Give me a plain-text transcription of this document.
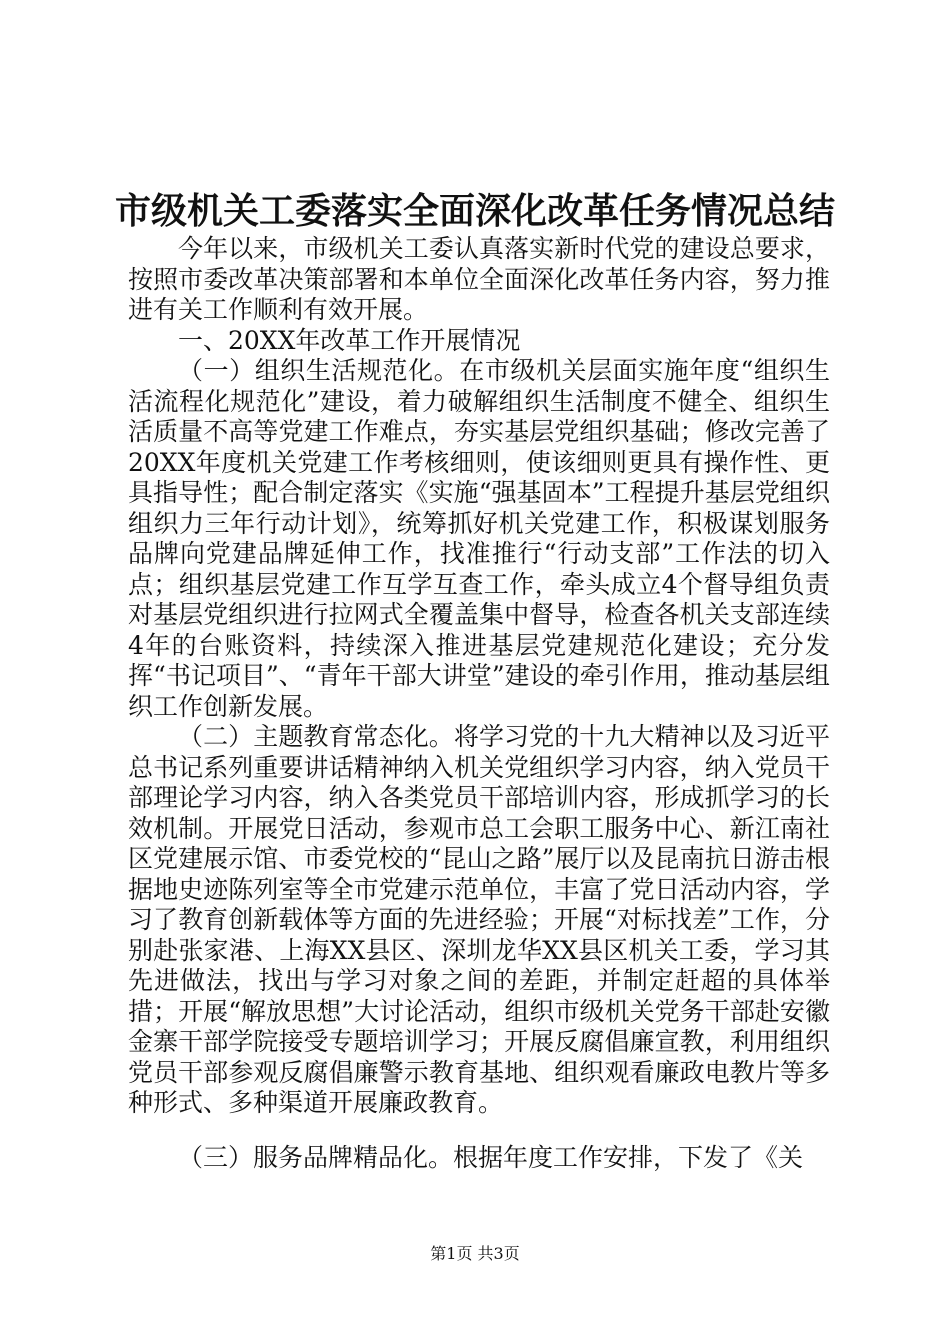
市级机关工委落实全面深化改革任务情况总结

今年以来，市级机关工委认真落实新时代党的建设总要求，按照市委改革决策部署和本单位全面深化改革任务内容，努力推进有关工作顺利有效开展。

一、20XX年改革工作开展情况

（一）组织生活规范化。在市级机关层面实施年度“组织生活流程化规范化”建设，着力破解组织生活制度不健全、组织生活质量不高等党建工作难点，夯实基层党组织基础；修改完善了20XX年度机关党建工作考核细则，使该细则更具有操作性、更具指导性；配合制定落实《实施“强基固本”工程提升基层党组织组织力三年行动计划》，统筹抓好机关党建工作，积极谋划服务品牌向党建品牌延伸工作，找准推行“行动支部”工作法的切入点；组织基层党建工作互学互查工作，牵头成立4个督导组负责对基层党组织进行拉网式全覆盖集中督导，检查各机关支部连续4年的台账资料，持续深入推进基层党建规范化建设；充分发挥“书记项目”、“青年干部大讲堂”建设的牵引作用，推动基层组织工作创新发展。

（二）主题教育常态化。将学习党的十九大精神以及习近平总书记系列重要讲话精神纳入机关党组织学习内容，纳入党员干部理论学习内容，纳入各类党员干部培训内容，形成抓学习的长效机制。开展党日活动，参观市总工会职工服务中心、新江南社区党建展示馆、市委党校的“昆山之路”展厅以及昆南抗日游击根据地史迹陈列室等全市党建示范单位，丰富了党日活动内容，学习了教育创新载体等方面的先进经验；开展“对标找差”工作，分别赴张家港、上海XX县区、深圳龙华XX县区机关工委，学习其先进做法，找出与学习对象之间的差距，并制定赶超的具体举措；开展“解放思想”大讨论活动，组织市级机关党务干部赴安徽金寨干部学院接受专题培训学习；开展反腐倡廉宣教，利用组织党员干部参观反腐倡廉警示教育基地、组织观看廉政电教片等多种形式、多种渠道开展廉政教育。

（三）服务品牌精品化。根据年度工作安排，下发了《关

第1页 共3页
